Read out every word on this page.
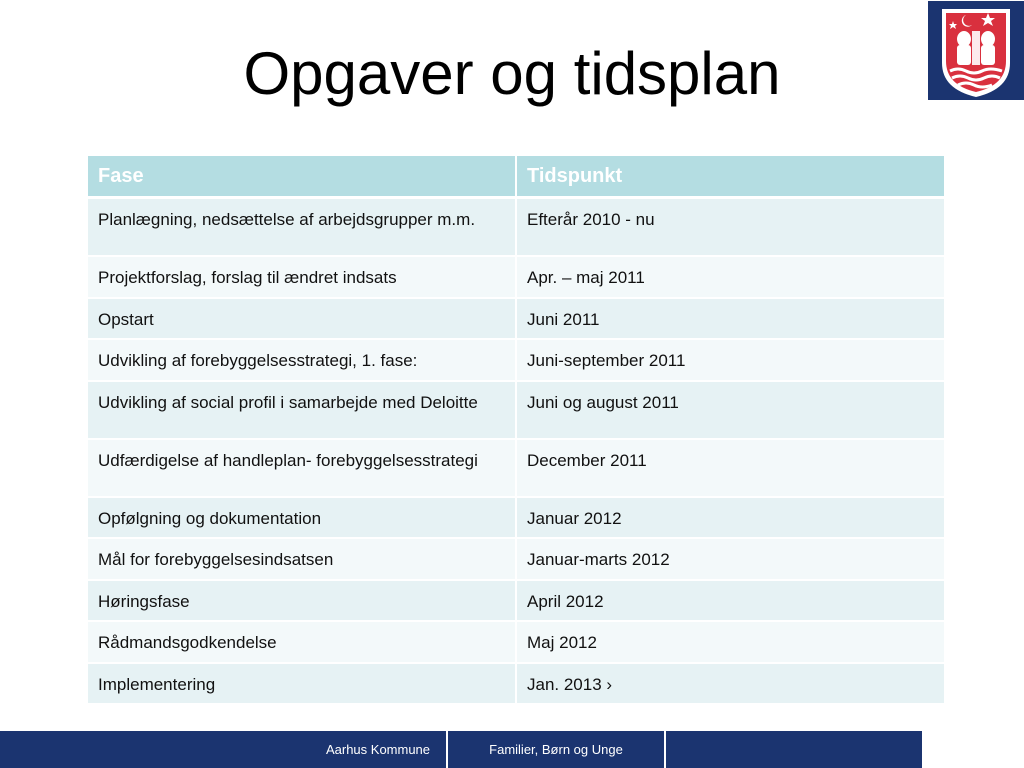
Opgaver og tidsplan
Fase	Tidspunkt
Planlægning, nedsættelse af arbejdsgrupper m.m.	Efterår 2010 - nu
Projektforslag, forslag til ændret indsats	Apr. – maj 2011
Opstart	Juni 2011
Udvikling af forebyggelsesstrategi, 1. fase:	Juni-september 2011
Udvikling af social profil i samarbejde med Deloitte	Juni og august 2011
Udfærdigelse af handleplan- forebyggelsesstrategi	December 2011
Opfølgning og dokumentation	Januar 2012
Mål for forebyggelsesindsatsen	Januar-marts 2012
Høringsfase	April 2012
Rådmandsgodkendelse	Maj 2012
Implementering	Jan. 2013 ›
Aarhus Kommune	Familier, Børn og Unge
